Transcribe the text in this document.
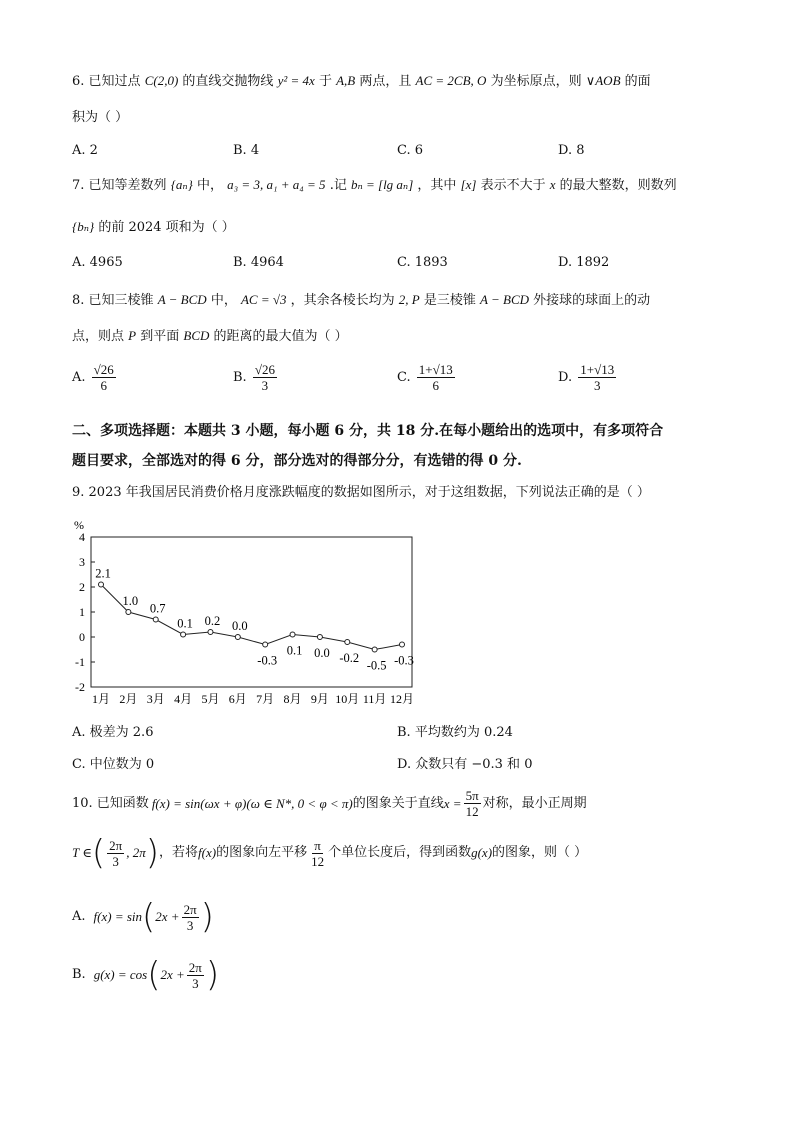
6. 已知过点 C(2,0) 的直线交抛物线 y² = 4x 于 A,B 两点，且 AC = 2CB, O 为坐标原点，则 ∨AOB 的面
积为（ ）
A. 2	B. 4	C. 6	D. 8
7. 已知等差数列 {aₙ} 中， a₃ = 3, a₁ + a₄ = 5 .记 bₙ = [lg aₙ] ，其中 [x] 表示不大于 x 的最大整数，则数列
{bₙ} 的前 2024 项和为（ ）
A. 4965	B. 4964	C. 1893	D. 1892
8. 已知三棱锥 A − BCD 中， AC = √3 ，其余各棱长均为 2, P 是三棱锥 A − BCD 外接球的球面上的动
点，则点 P 到平面 BCD 的距离的最大值为（ ）
A. $\frac{√26}{6}$	B. $\frac{√26}{3}$	C. $\frac{1+√13}{6}$	D. $\frac{1+√13}{3}$
二、多项选择题：本题共 3 小题，每小题 6 分，共 18 分.在每小题给出的选项中，有多项符合
题目要求，全部选对的得 6 分，部分选对的得部分分，有选错的得 0 分.
9. 2023 年我国居民消费价格月度涨跌幅度的数据如图所示，对于这组数据，下列说法正确的是（ ）
%
4
3
2
1
0
-1
-2
1月 2月 3月 4月 5月 6月 7月 8月 9月 10月 11月 12月
2.1
1.0
0.7
0.1 0.2 0.0
-0.3
0.1 0.0 -0.2
-0.5 -0.3
A. 极差为 2.6	B. 平均数约为 0.24
C. 中位数为 0	D. 众数只有 −0.3 和 0
10. 已知函数 f(x) = sin(ωx + φ) (ω ∈ N*, 0 < φ < π) 的图象关于直线 $x = \frac{5\pi}{12}$ 对称，最小正周期
T ∈ ( $\frac{2\pi}{3}$ , 2π ) ，若将 f(x) 的图象向左平移 $\frac{\pi}{12}$ 个单位长度后，得到函数 g(x) 的图象，则（ ）
A. f(x) = sin ( $2x + \frac{2\pi}{3}$ )
B. g(x) = cos ( $2x + \frac{2\pi}{3}$ )
